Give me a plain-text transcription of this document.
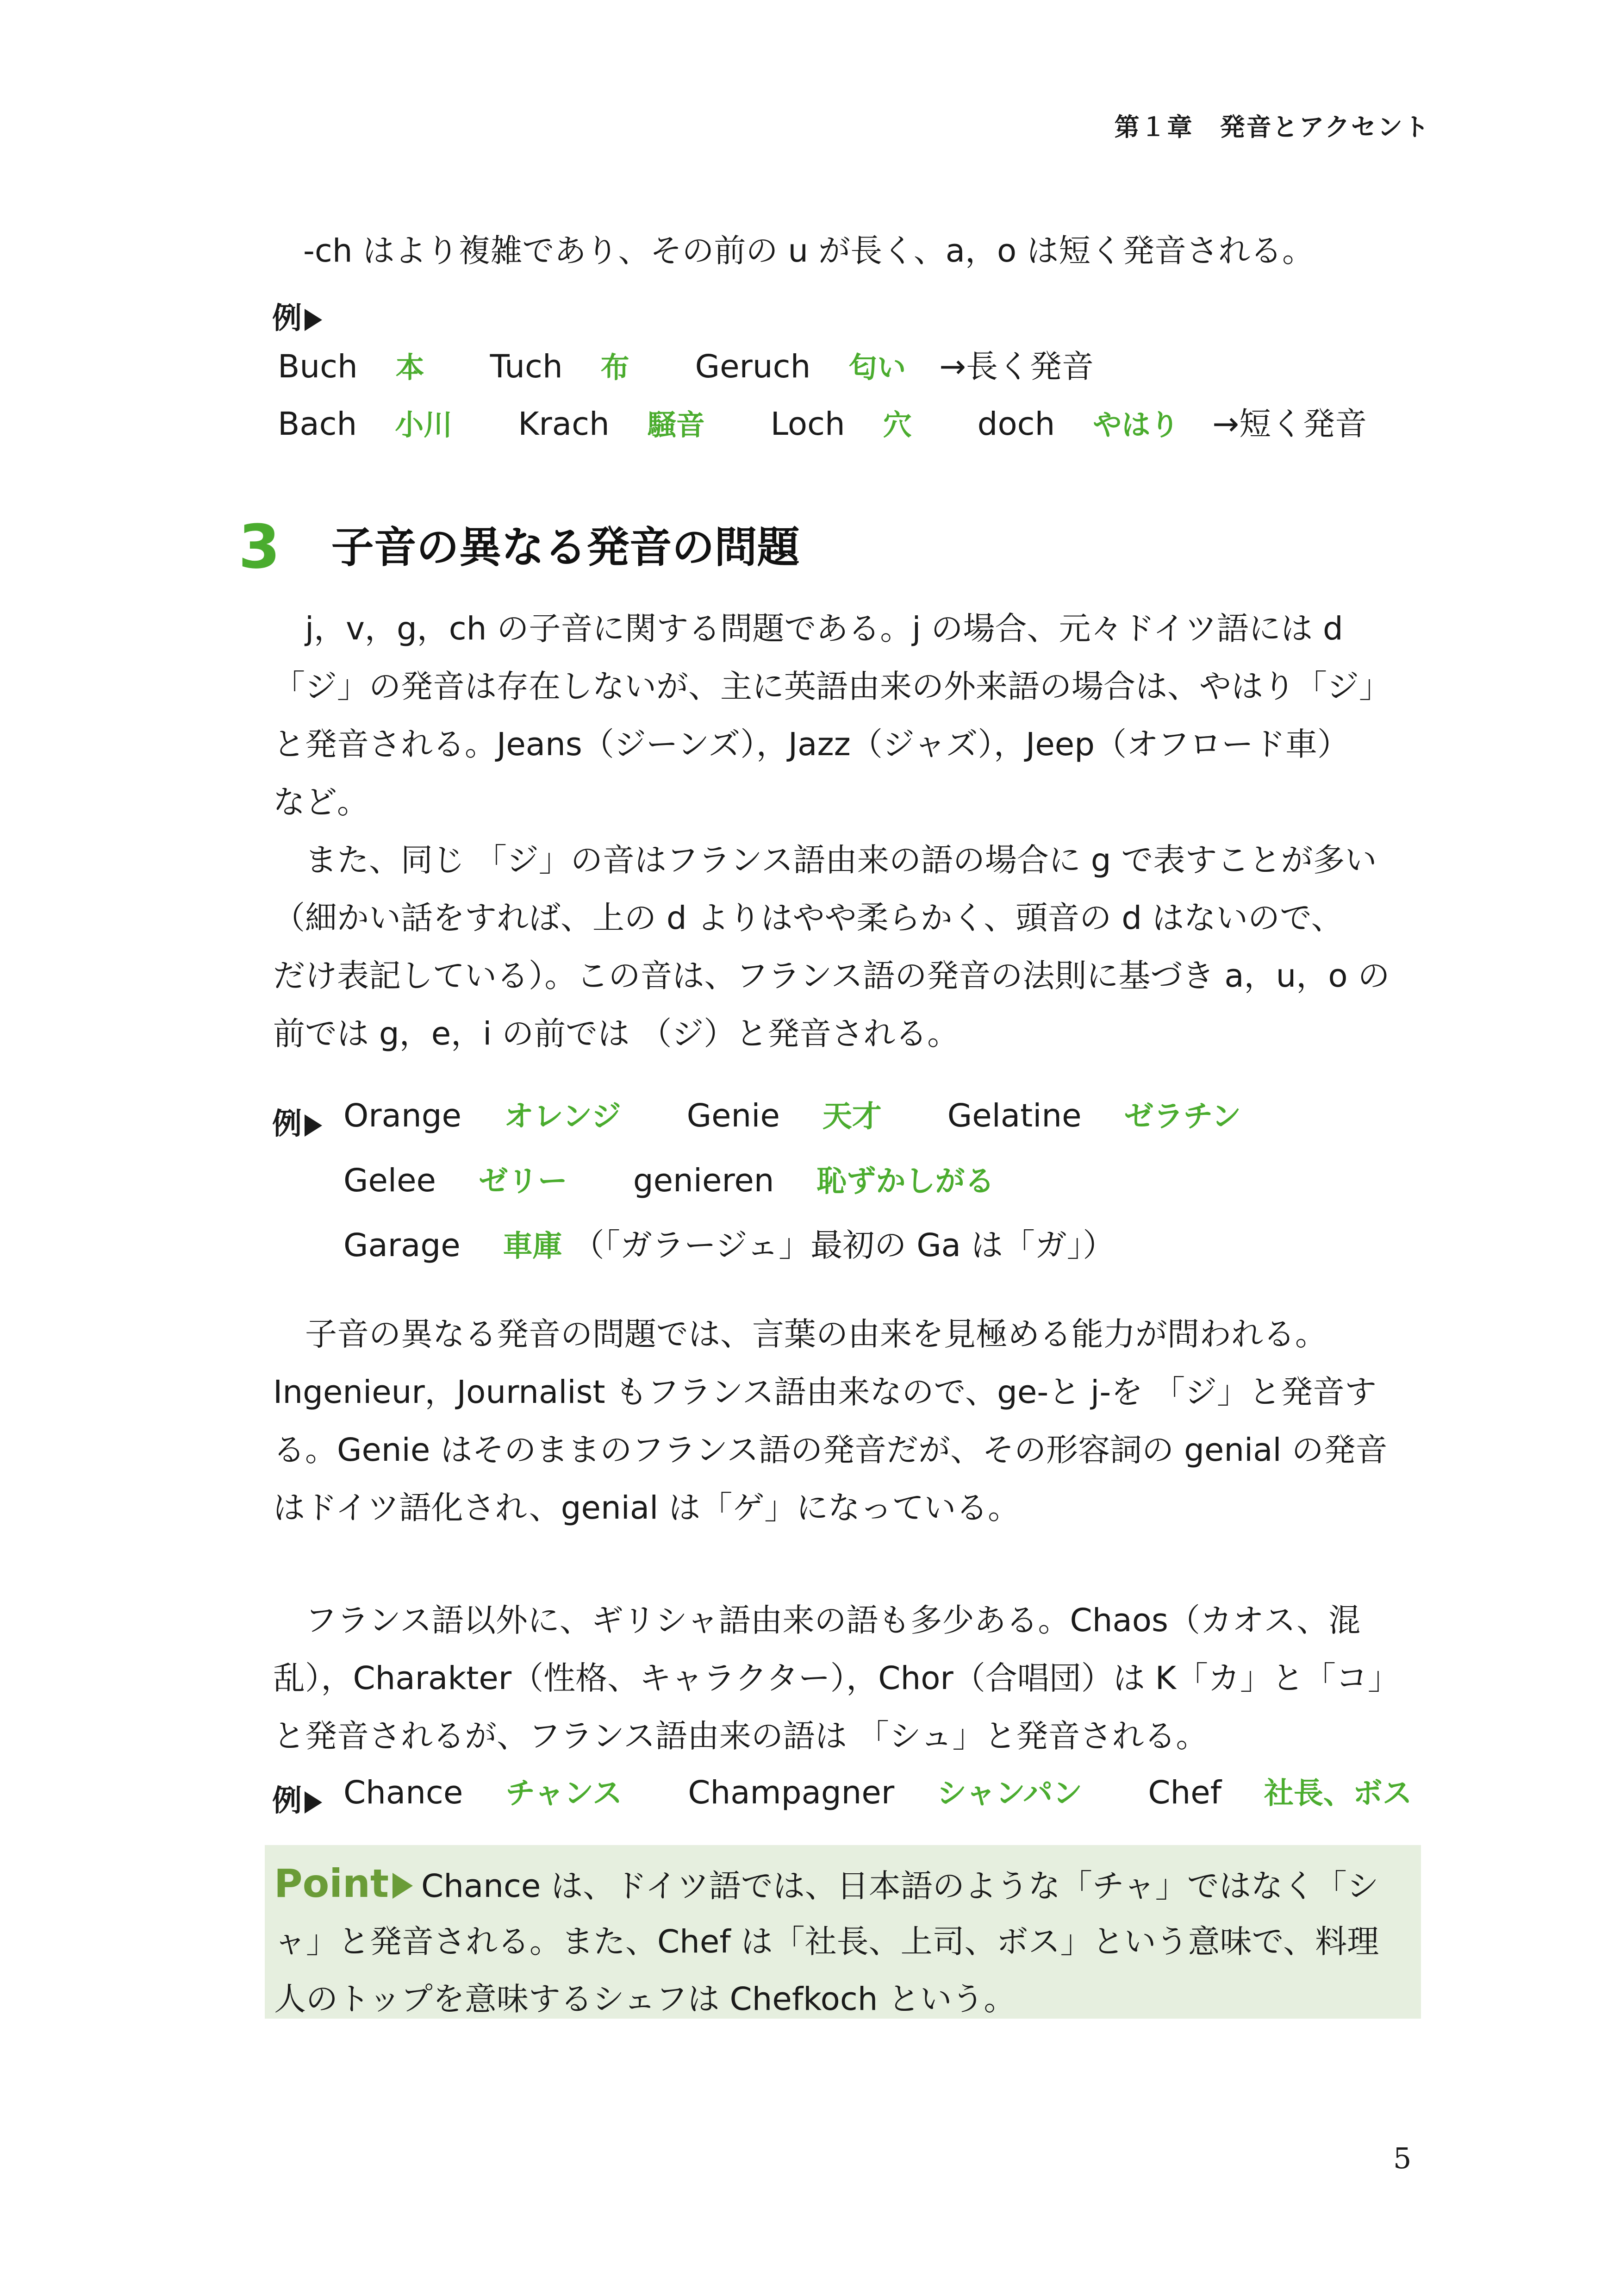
第１章　発音とアクセント
-ch はより複雑であり、その前の u が長く、a，o は短く発音される。
例
Buch 本 Tuch 布 Geruch 匂い →長く発音
Bach 小川 Krach 騒音 Loch 穴 doch やはり →短く発音
3 子音の異なる発音の問題

　j，v，g，ch の子音に関する問題である。j の場合、元々ドイツ語には d

「ジ」の発音は存在しないが、主に英語由来の外来語の場合は、やはり「ジ」

と発音される。Jeans（ジーンズ），Jazz（ジャズ），Jeep（オフロード車）

など。

　また、同じ 「ジ」の音はフランス語由来の語の場合に g で表すことが多い

（細かい話をすれば、上の d よりはやや柔らかく、頭音の d はないので、

だけ表記している）。この音は、フランス語の発音の法則に基づき a，u，o の

前では g，e，i の前では （ジ）と発音される。

例	Orange オレンジ Genie 天才 Gelatine ゼラチン
Gelee ゼリー genieren 恥ずかしがる
Garage 車庫 （「ガラージェ」最初の Ga は「ガ」）

　子音の異なる発音の問題では、言葉の由来を見極める能力が問われる。

Ingenieur，Journalist もフランス語由来なので、ge-と j-を 「ジ」と発音す

る。Genie はそのままのフランス語の発音だが、その形容詞の genial の発音

はドイツ語化され、genial は「ゲ」になっている。

　フランス語以外に、ギリシャ語由来の語も多少ある。Chaos（カオス、混

乱），Charakter（性格、キャラクター），Chor（合唱団）は K「カ」と「コ」

と発音されるが、フランス語由来の語は 「シュ」と発音される。

例	Chance チャンス Champagner シャンパン Chef 社長、ボス
Point Chance は、ドイツ語では、日本語のような「チャ」ではなく「シ
ャ」と発音される。また、Chef は「社長、上司、ボス」という意味で、料理
人のトップを意味するシェフは Chefkoch という。
5
